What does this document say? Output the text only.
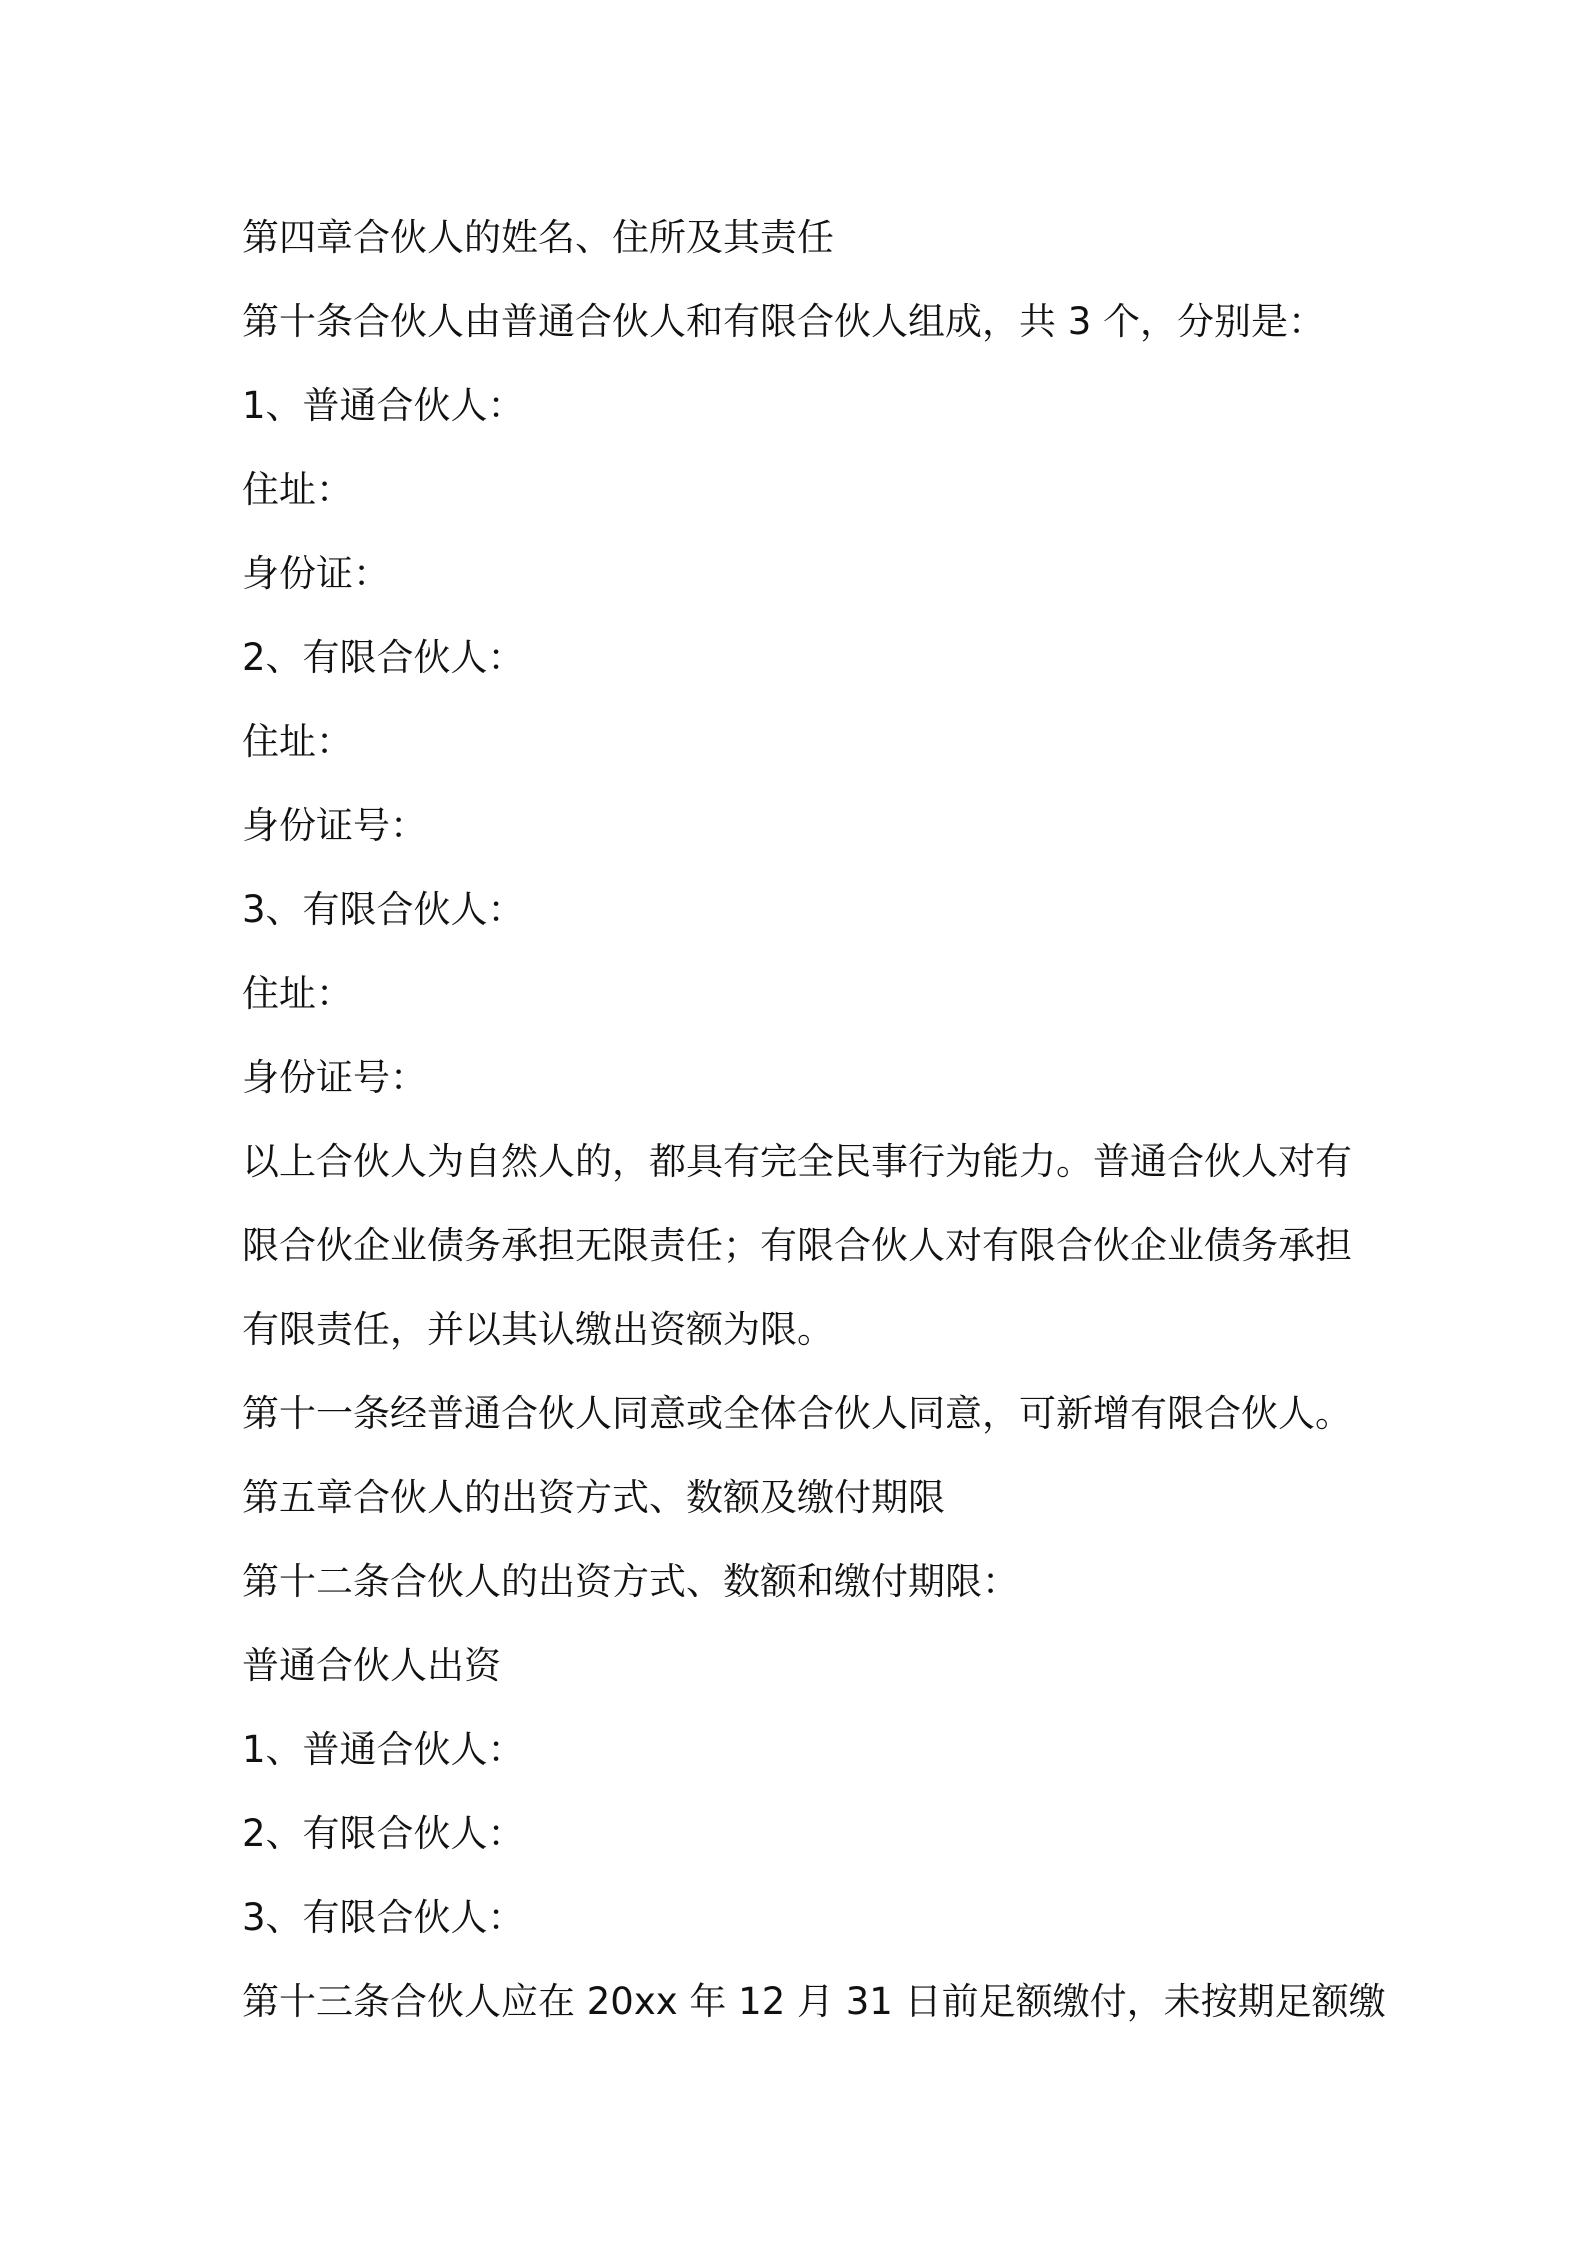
第四章合伙人的姓名、住所及其责任
第十条合伙人由普通合伙人和有限合伙人组成，共 3 个，分别是：
1、普通合伙人：
住址：
身份证：
2、有限合伙人：
住址：
身份证号：
3、有限合伙人：
住址：
身份证号：
以上合伙人为自然人的，都具有完全民事行为能力。普通合伙人对有
限合伙企业债务承担无限责任；有限合伙人对有限合伙企业债务承担
有限责任，并以其认缴出资额为限。
第十一条经普通合伙人同意或全体合伙人同意，可新增有限合伙人。
第五章合伙人的出资方式、数额及缴付期限
第十二条合伙人的出资方式、数额和缴付期限：
普通合伙人出资
1、普通合伙人：
2、有限合伙人：
3、有限合伙人：
第十三条合伙人应在 20xx 年 12 月 31 日前足额缴付，未按期足额缴
